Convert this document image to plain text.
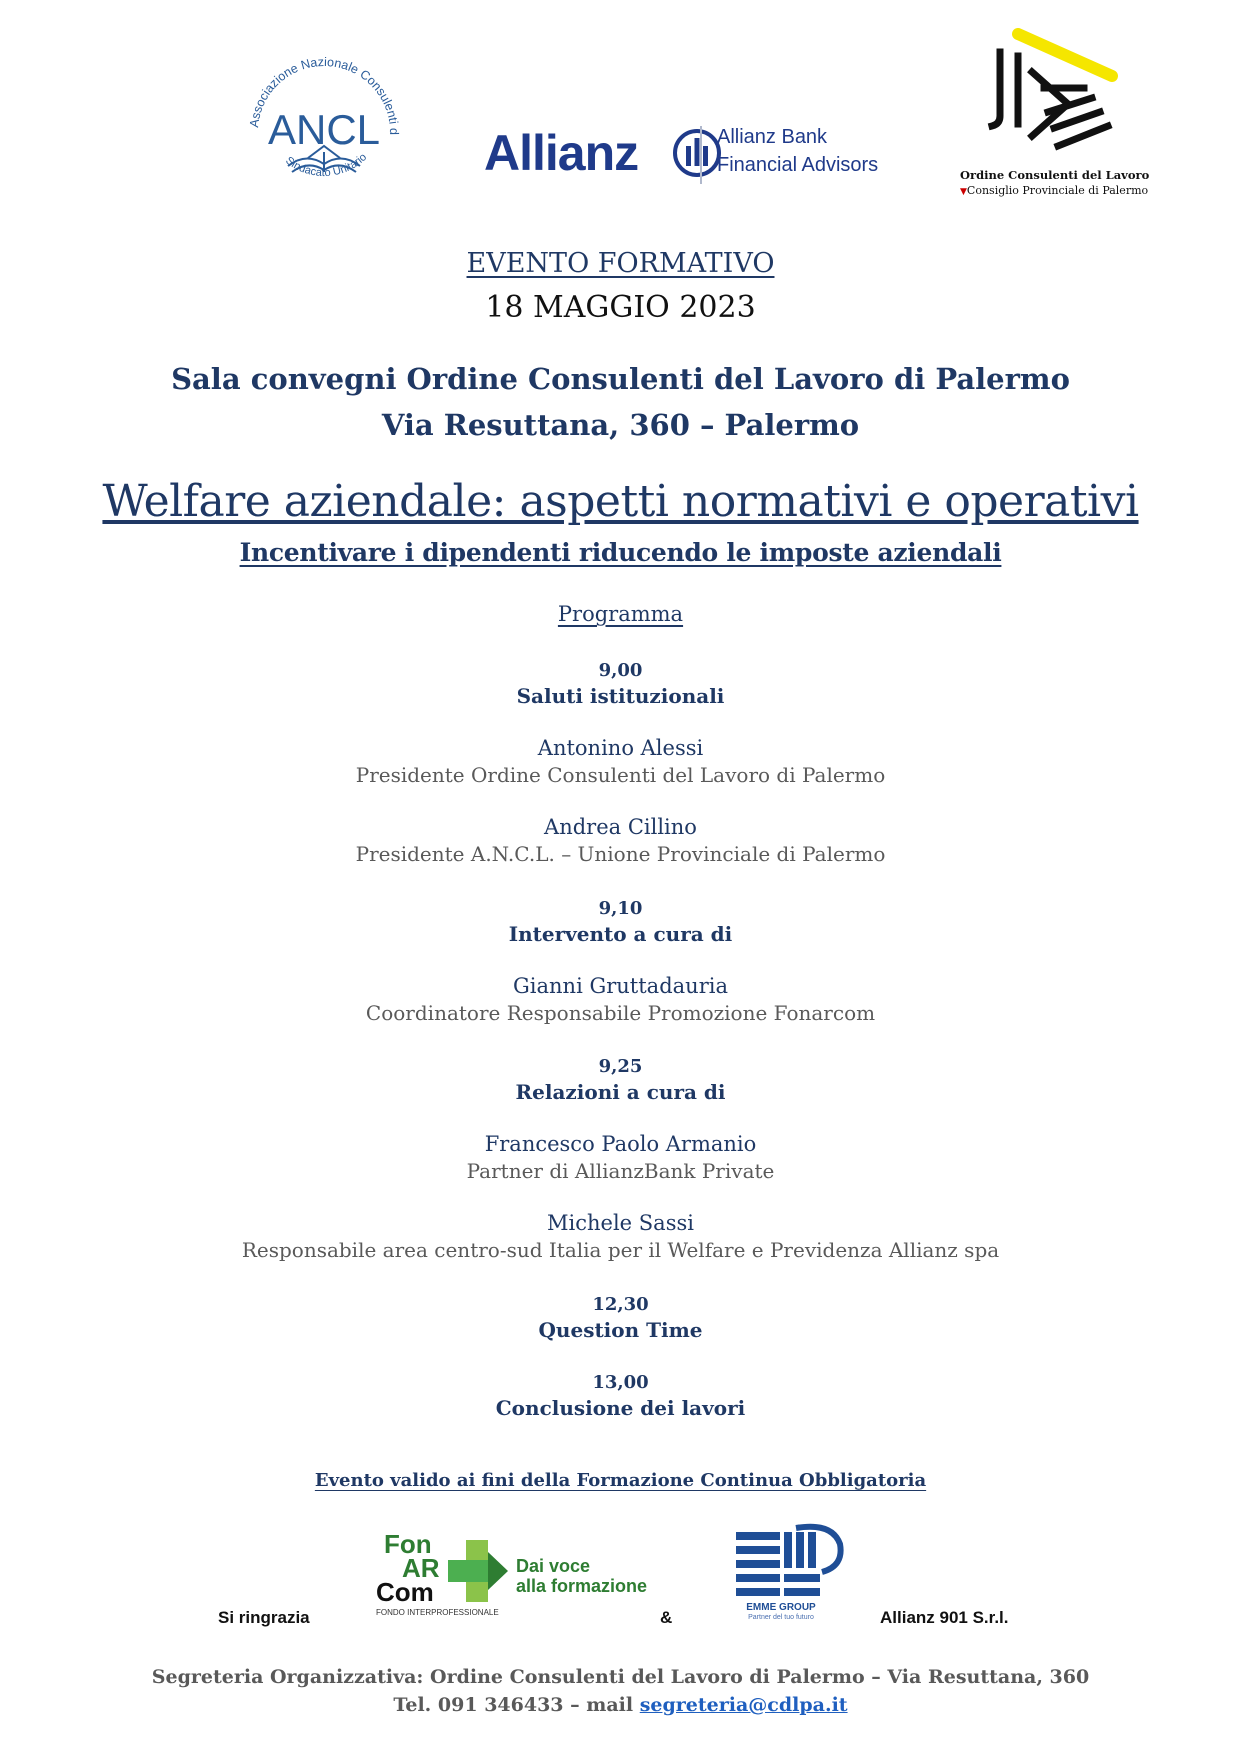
Associazione Nazionale Consulenti d
ANCL
Sindacato Unitario Allianz	Allianz Bank
Financial Advisors	Ordine Consulenti del Lavoro
▼Consiglio Provinciale di Palermo
EVENTO FORMATIVO
18 MAGGIO 2023
Sala convegni Ordine Consulenti del Lavoro di Palermo
Via Resuttana, 360 – Palermo
Welfare aziendale: aspetti normativi e operativi
Incentivare i dipendenti riducendo le imposte aziendali
Programma
9,00
Saluti istituzionali
Antonino Alessi
Presidente Ordine Consulenti del Lavoro di Palermo
Andrea Cillino
Presidente A.N.C.L. – Unione Provinciale di Palermo
9,10
Intervento a cura di
Gianni Gruttadauria
Coordinatore Responsabile Promozione Fonarcom
9,25
Relazioni a cura di
Francesco Paolo Armanio
Partner di AllianzBank Private
Michele Sassi
Responsabile area centro-sud Italia per il Welfare e Previdenza Allianz spa
12,30
Question Time
13,00
Conclusione dei lavori
Evento valido ai fini della Formazione Continua Obbligatoria
Si ringrazia
Fon
AR
Com
FONDO INTERPROFESSIONALE
Dai voce
alla formazione
&
EMME GROUP
Partner del tuo futuro	Allianz 901 S.r.l.
Segreteria Organizzativa: Ordine Consulenti del Lavoro di Palermo – Via Resuttana, 360
Tel. 091 346433 – mail segreteria@cdlpa.it
